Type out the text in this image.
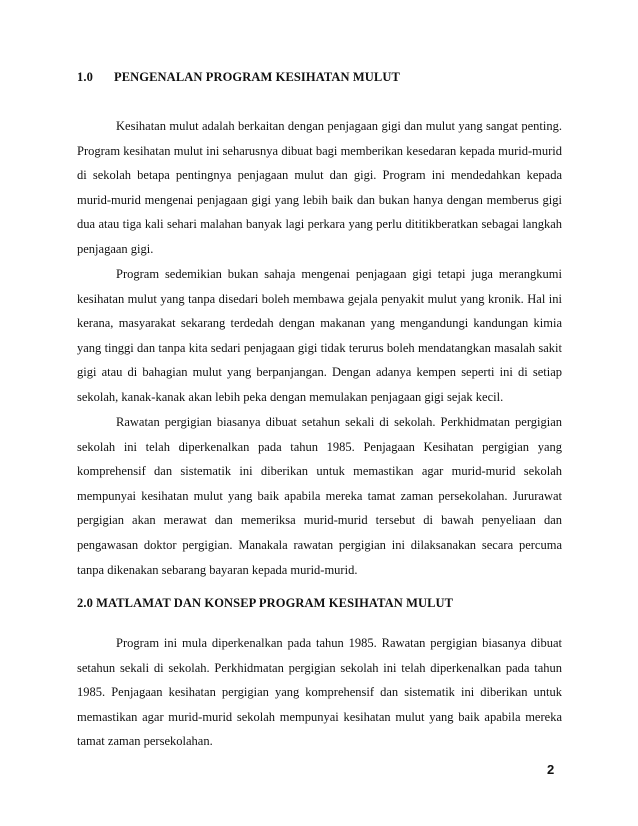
1.0 PENGENALAN PROGRAM KESIHATAN MULUT

Kesihatan mulut adalah berkaitan dengan penjagaan gigi dan mulut yang sangat penting. Program kesihatan mulut ini seharusnya dibuat bagi memberikan kesedaran kepada murid-murid di sekolah betapa pentingnya penjagaan mulut dan gigi. Program ini mendedahkan kepada murid-murid mengenai penjagaan gigi yang lebih baik dan bukan hanya dengan memberus gigi dua atau tiga kali sehari malahan banyak lagi perkara yang perlu dititikberatkan sebagai langkah penjagaan gigi.

Program sedemikian bukan sahaja mengenai penjagaan gigi tetapi juga merangkumi kesihatan mulut yang tanpa disedari boleh membawa gejala penyakit mulut yang kronik. Hal ini kerana, masyarakat sekarang terdedah dengan makanan yang mengandungi kandungan kimia yang tinggi dan tanpa kita sedari penjagaan gigi tidak terurus boleh mendatangkan masalah sakit gigi atau di bahagian mulut yang berpanjangan. Dengan adanya kempen seperti ini di setiap sekolah, kanak-kanak akan lebih peka dengan memulakan penjagaan gigi sejak kecil.

Rawatan pergigian biasanya dibuat setahun sekali di sekolah. Perkhidmatan pergigian sekolah ini telah diperkenalkan pada tahun 1985. Penjagaan Kesihatan pergigian yang komprehensif dan sistematik ini diberikan untuk memastikan agar murid-murid sekolah mempunyai kesihatan mulut yang baik apabila mereka tamat zaman persekolahan. Jururawat pergigian akan merawat dan memeriksa murid-murid tersebut di bawah penyeliaan dan pengawasan doktor pergigian. Manakala rawatan pergigian ini dilaksanakan secara percuma tanpa dikenakan sebarang bayaran kepada murid-murid.

2.0 MATLAMAT DAN KONSEP PROGRAM KESIHATAN MULUT

Program ini mula diperkenalkan pada tahun 1985. Rawatan pergigian biasanya dibuat setahun sekali di sekolah. Perkhidmatan pergigian sekolah ini telah diperkenalkan pada tahun 1985. Penjagaan kesihatan pergigian yang komprehensif dan sistematik ini diberikan untuk memastikan agar murid-murid sekolah mempunyai kesihatan mulut yang baik apabila mereka tamat zaman persekolahan.

2
